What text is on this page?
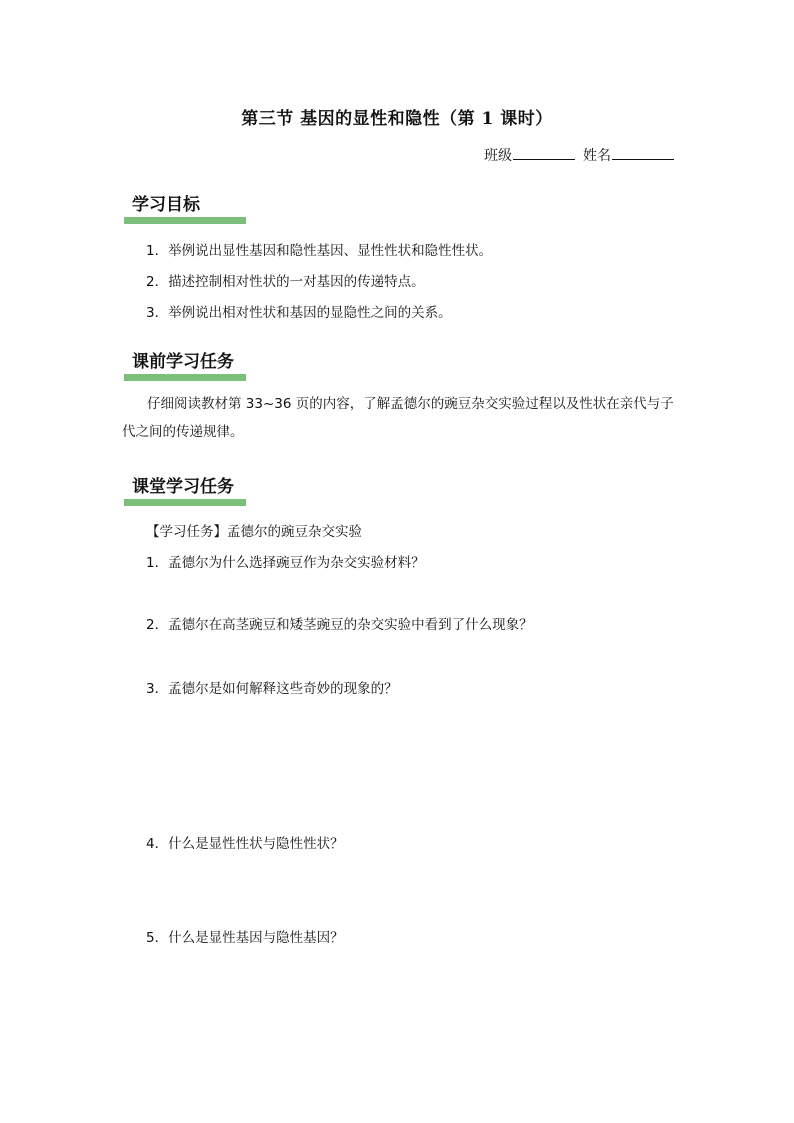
第三节 基因的显性和隐性（第 1 课时）
班级	姓名
学习目标
1．举例说出显性基因和隐性基因、显性性状和隐性性状。
2．描述控制相对性状的一对基因的传递特点。
3．举例说出相对性状和基因的显隐性之间的关系。
课前学习任务
仔细阅读教材第 33~36 页的内容，了解孟德尔的豌豆杂交实验过程以及性状在亲代与子代之间的传递规律。
课堂学习任务
【学习任务】孟德尔的豌豆杂交实验
1．孟德尔为什么选择豌豆作为杂交实验材料？
2．孟德尔在高茎豌豆和矮茎豌豆的杂交实验中看到了什么现象？
3．孟德尔是如何解释这些奇妙的现象的？
4．什么是显性性状与隐性性状？
5．什么是显性基因与隐性基因？
